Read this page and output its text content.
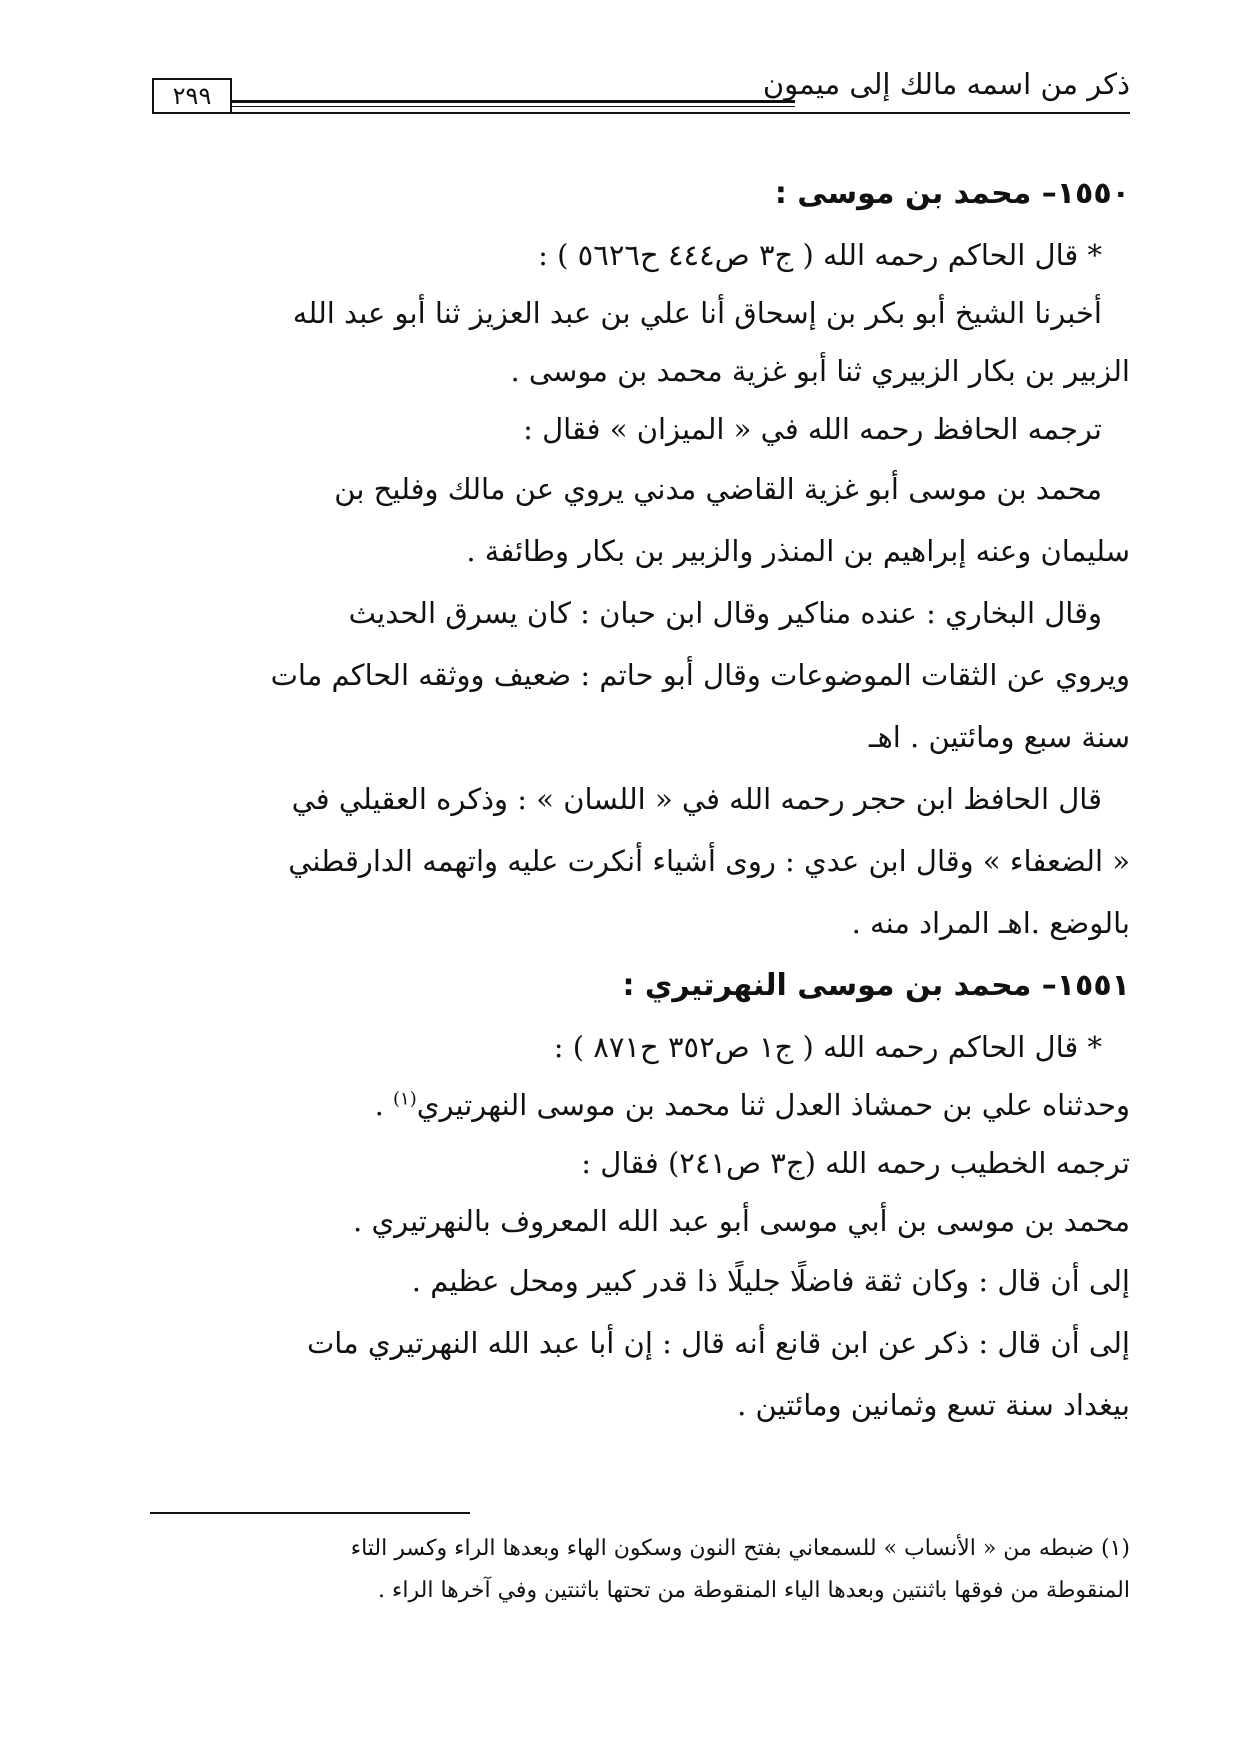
ذكر من اسمه مالك إلى ميمون
٢٩٩

١٥٥٠– محمد بن موسى :

* قال الحاكم رحمه الله ( ج٣ ص٤٤٤ ح٥٦٢٦ ) :

أخبرنا الشيخ أبو بكر بن إسحاق أنا علي بن عبد العزيز ثنا أبو عبد الله

الزبير بن بكار الزبيري ثنا أبو غزية محمد بن موسى .

ترجمه الحافظ رحمه الله في « الميزان » فقال :

محمد بن موسى أبو غزية القاضي مدني يروي عن مالك وفليح بن

سليمان وعنه إبراهيم بن المنذر والزبير بن بكار وطائفة .

وقال البخاري : عنده مناكير وقال ابن حبان : كان يسرق الحديث

ويروي عن الثقات الموضوعات وقال أبو حاتم : ضعيف ووثقه الحاكم مات

سنة سبع ومائتين . اهـ

قال الحافظ ابن حجر رحمه الله في « اللسان » : وذكره العقيلي في

« الضعفاء » وقال ابن عدي : روى أشياء أنكرت عليه واتهمه الدارقطني

بالوضع .اهـ المراد منه .

١٥٥١– محمد بن موسى النهرتيري :

* قال الحاكم رحمه الله ( ج١ ص٣٥٢ ح٨٧١ ) :

وحدثناه علي بن حمشاذ العدل ثنا محمد بن موسى النهرتيري$^{(١)}$ .

ترجمه الخطيب رحمه الله (ج٣ ص٢٤١) فقال :

محمد بن موسى بن أبي موسى أبو عبد الله المعروف بالنهرتيري .

إلى أن قال : وكان ثقة فاضلًا جليلًا ذا قدر كبير ومحل عظيم .

إلى أن قال : ذكر عن ابن قانع أنه قال : إن أبا عبد الله النهرتيري مات

بيغداد سنة تسع وثمانين ومائتين .

(١) ضبطه من « الأنساب » للسمعاني بفتح النون وسكون الهاء وبعدها الراء وكسر التاء

المنقوطة من فوقها باثنتين وبعدها الياء المنقوطة من تحتها باثنتين وفي آخرها الراء .
